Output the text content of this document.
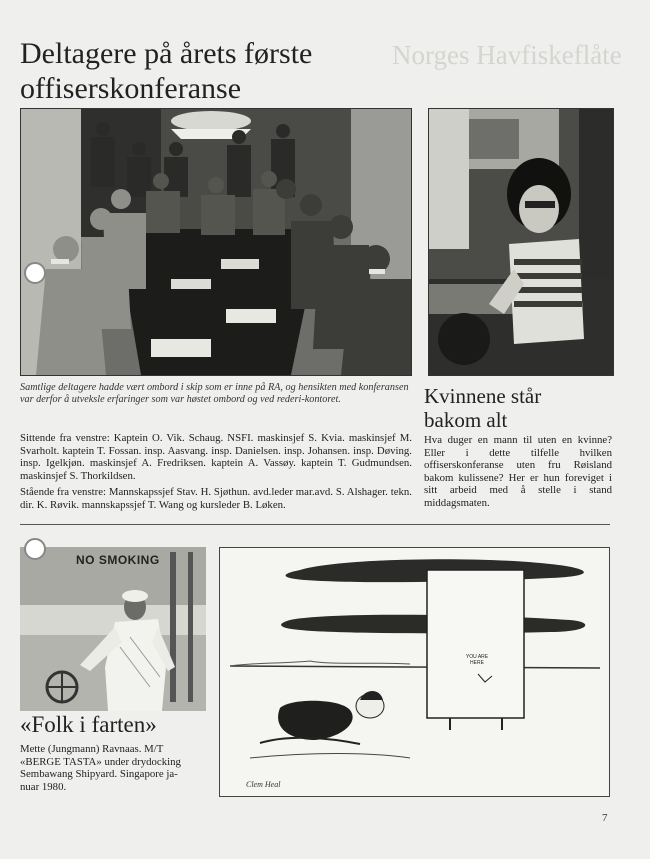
Norges Havfiskeflåte
Deltagere på årets første
offiserskonferanse
Samtlige deltagere hadde vært ombord i skip som er inne på RA, og hensikten med konferansen var derfor å utveksle erfaringer som var høstet ombord og ved rederi-kontoret.
Sittende fra venstre: Kaptein O. Vik. Schaug. NSFI. maskinsjef S. Kvia. maskinsjef M. Svarholt. kaptein T. Fossan. insp. Aasvang. insp. Danielsen. insp. Johansen. insp. Døving. insp. Igelkjøn. maskinsjef A. Fredriksen. kaptein A. Vassøy. kaptein T. Gudmundsen. maskinsjef S. Thorkildsen.
Stående fra venstre: Mannskapssjef Stav. H. Sjøthun. avd.leder mar.avd. S. Alshager. tekn. dir. K. Røvik. mannskapssjef T. Wang og kursleder B. Løken.
Kvinnene står
bakom alt
Hva duger en mann til uten en kvinne? Eller i dette tilfelle hvilken offiserskonferanse uten fru Røisland bakom kulissene? Her er hun foreviget i sitt arbeid med å stelle i stand middagsmaten.
NO SMOKING
«Folk i farten»
Mette (Jungmann) Ravnaas. M/T
«BERGE TASTA» under drydocking
Sembawang Shipyard. Singapore ja-
nuar 1980.
YOU ARE
HERE
Clem Heal
7
